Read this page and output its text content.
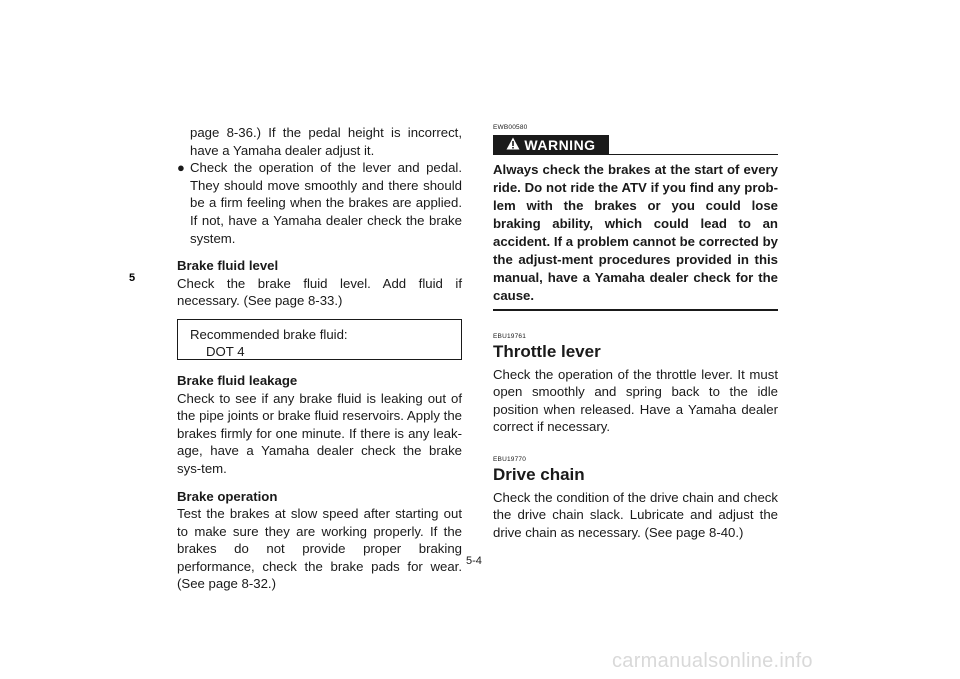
5

page 8-36.) If the pedal height is incorrect, have a Yamaha dealer adjust it.

● Check the operation of the lever and pedal. They should move smoothly and there should be a firm feeling when the brakes are applied. If not, have a Yamaha dealer check the brake system.

Brake fluid level

Check the brake fluid level. Add fluid if necessary. (See page 8-33.)

Recommended brake fluid:
DOT 4

Brake fluid leakage

Check to see if any brake fluid is leaking out of the pipe joints or brake fluid reservoirs. Apply the brakes firmly for one minute. If there is any leak-age, have a Yamaha dealer check the brake sys-tem.

Brake operation

Test the brakes at slow speed after starting out to make sure they are working properly. If the brakes do not provide proper braking performance, check the brake pads for wear. (See page 8-32.)

EWB00580

WARNING

Always check the brakes at the start of every ride. Do not ride the ATV if you find any prob-lem with the brakes or you could lose braking ability, which could lead to an accident. If a problem cannot be corrected by the adjust-ment procedures provided in this manual, have a Yamaha dealer check for the cause.

EBU19761

Throttle lever

Check the operation of the throttle lever. It must open smoothly and spring back to the idle position when released. Have a Yamaha dealer correct if necessary.

EBU19770

Drive chain

Check the condition of the drive chain and check the drive chain slack. Lubricate and adjust the drive chain as necessary. (See page 8-40.)

5-4
carmanualsonline.info
